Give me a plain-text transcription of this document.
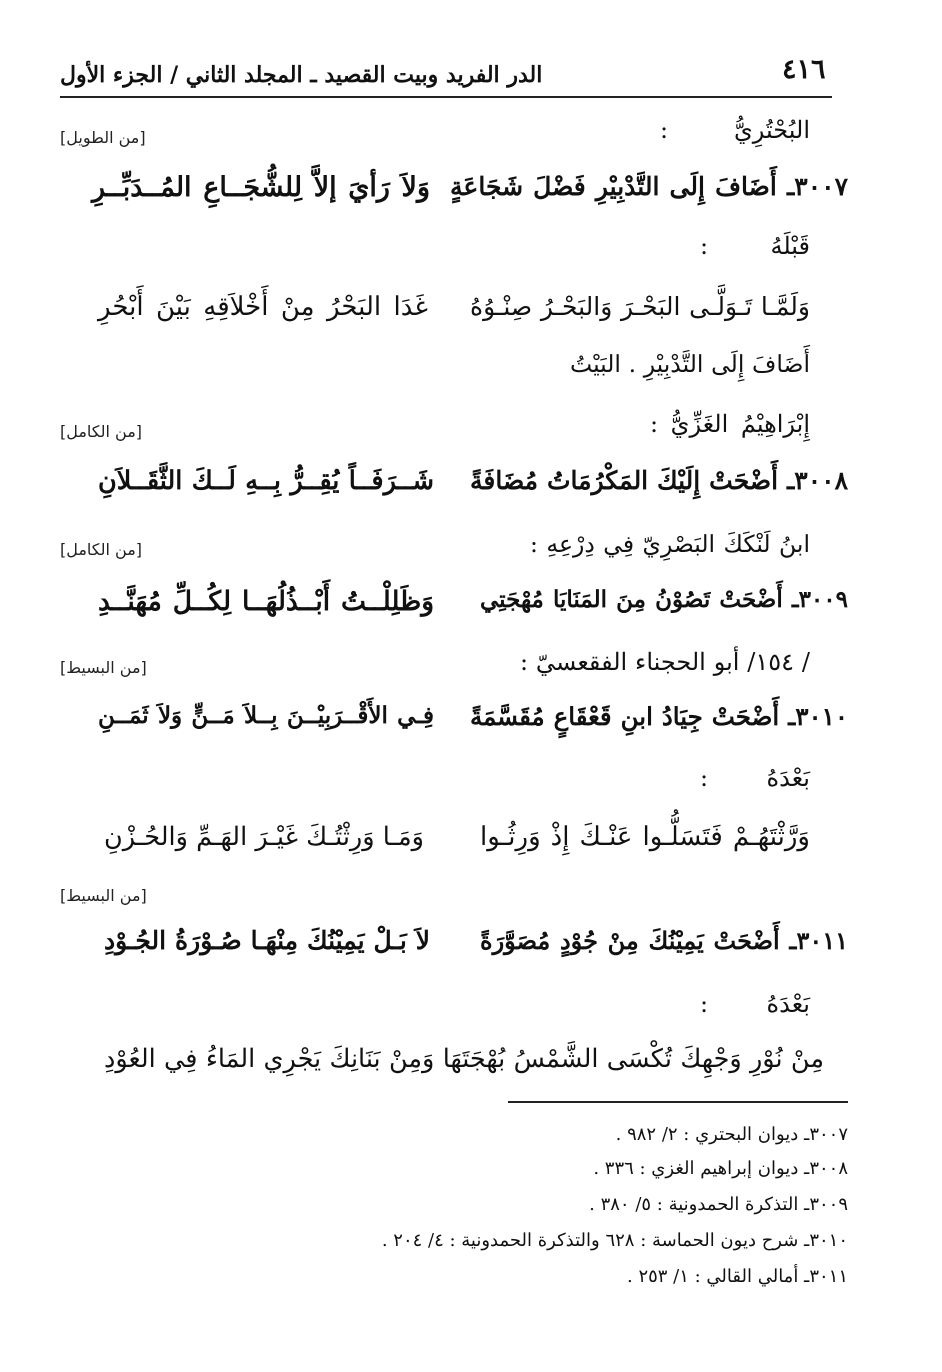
الدر الفريد وبيت القصيد ـ المجلد الثاني / الجزء الأول	٤١٦
البُحْتُرِيُّ :
[من الطويل]
٣٠٠٧ـ أَضَافَ إِلَى التَّدْبِيْرِ فَضْلَ شَجَاعَةٍ
وَلاَ رَأيَ إلاَّ لِلشُّجَــاعِ المُــدَبِّــرِ
قَبْلَهُ :
وَلَمَّـا تَـوَلَّـى البَحْـرَ وَالبَحْـرُ صِنْـوُهُ
غَدَا البَحْرُ مِنْ أَخْلاَقِهِ بَيْنَ أَبْحُرِ
أَضَافَ إِلَى التَّدْبِيْرِ . البَيْتُ
إِبْرَاهِيْمُ الغَزِّيُّ :
[من الكامل]
٣٠٠٨ـ أَضْحَتْ إِلَيْكَ المَكْرُمَاتُ مُضَافَةً
شَــرَفَــاً يُقِــرُّ بِــهِ لَــكَ الثَّقَــلاَنِ
ابنُ لَنْكَكَ البَصْرِيّ فِي دِرْعِهِ :
[من الكامل]
٣٠٠٩ـ أَضْحَتْ تَصُوْنُ مِنَ المَنَايَا مُهْجَتِي
وَظَلِلْــتُ أَبْــذُلُهَــا لِكُــلِّ مُهَنَّــدِ
/ ١٥٤/ أبو الحجناء الفقعسيّ :
[من البسيط]
٣٠١٠ـ أَضْحَتْ جِيَادُ ابنِ قَعْقَاعٍ مُقَسَّمَةً
فِـي الأَقْــرَبِيْــنَ بِــلاَ مَــنٍّ وَلاَ ثَمَــنِ
بَعْدَهُ :
وَرَّثْتَهُـمْ فَتَسَلُّـوا عَنْـكَ إِذْ وَرِثُـوا
وَمَـا وَرِثْتُـكَ غَيْـرَ الهَـمِّ وَالحُـزْنِ
[من البسيط]
٣٠١١ـ أَضْحَتْ يَمِيْنُكَ مِنْ جُوْدٍ مُصَوَّرَةً
لاَ بَـلْ يَمِيْنُكَ مِنْهَـا صُـوْرَةُ الجُـوْدِ
بَعْدَهُ :
مِنْ نُوْرِ وَجْهِكَ تُكْسَى الشَّمْسُ بُهْجَتَهَا وَمِنْ بَنَانِكَ يَجْرِي المَاءُ فِي العُوْدِ
٣٠٠٧ـ ديوان البحتري : ٢/ ٩٨٢ .
٣٠٠٨ـ ديوان إبراهيم الغزي : ٣٣٦ .
٣٠٠٩ـ التذكرة الحمدونية : ٥/ ٣٨٠ .
٣٠١٠ـ شرح ديون الحماسة : ٦٢٨ والتذكرة الحمدونية : ٤/ ٢٠٤ .
٣٠١١ـ أمالي القالي : ١/ ٢٥٣ .
